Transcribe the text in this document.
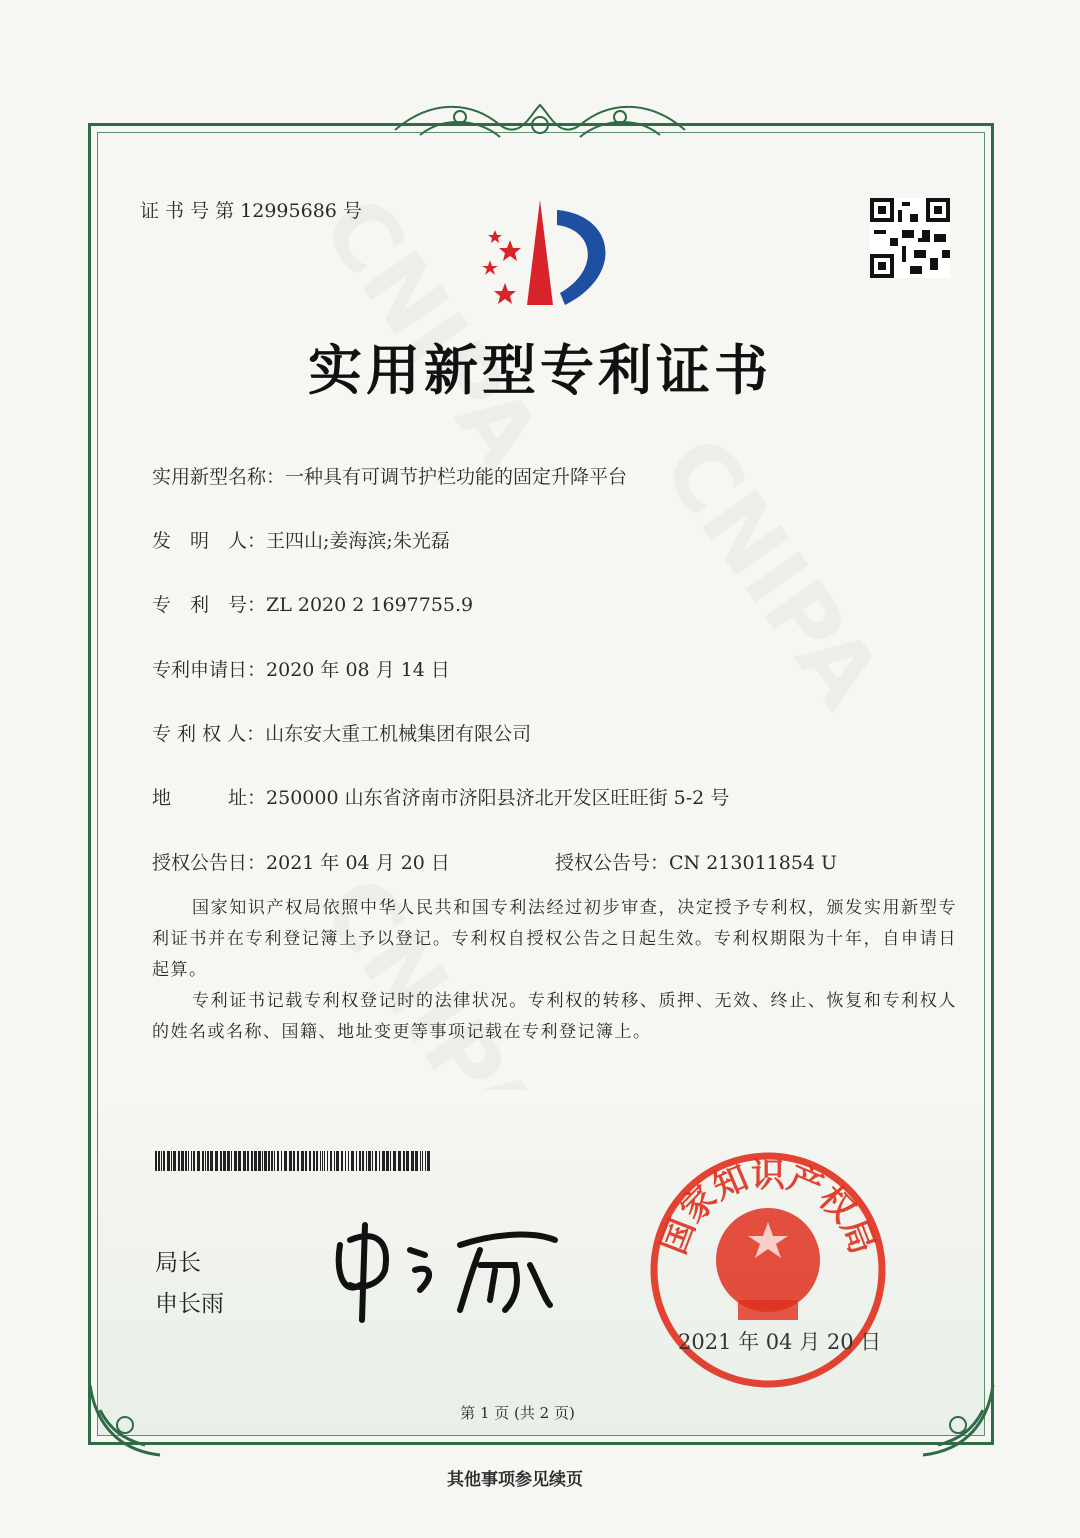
证 书 号 第 12995686 号
实用新型专利证书
实用新型名称：一种具有可调节护栏功能的固定升降平台
发　明　人：王四山;姜海滨;朱光磊
专　利　号：ZL 2020 2 1697755.9
专利申请日：2020 年 08 月 14 日
专 利 权 人：山东安大重工机械集团有限公司
地　　　址：250000 山东省济南市济阳县济北开发区旺旺街 5-2 号
授权公告日：2021 年 04 月 20 日	授权公告号：CN 213011854 U
国家知识产权局依照中华人民共和国专利法经过初步审查，决定授予专利权，颁发实用新型专利证书并在专利登记簿上予以登记。专利权自授权公告之日起生效。专利权期限为十年，自申请日起算。
专利证书记载专利权登记时的法律状况。专利权的转移、质押、无效、终止、恢复和专利权人的姓名或名称、国籍、地址变更等事项记载在专利登记簿上。
局长
申长雨
国家知识产权局
2021 年 04 月 20 日
第 1 页 (共 2 页)
其他事项参见续页
